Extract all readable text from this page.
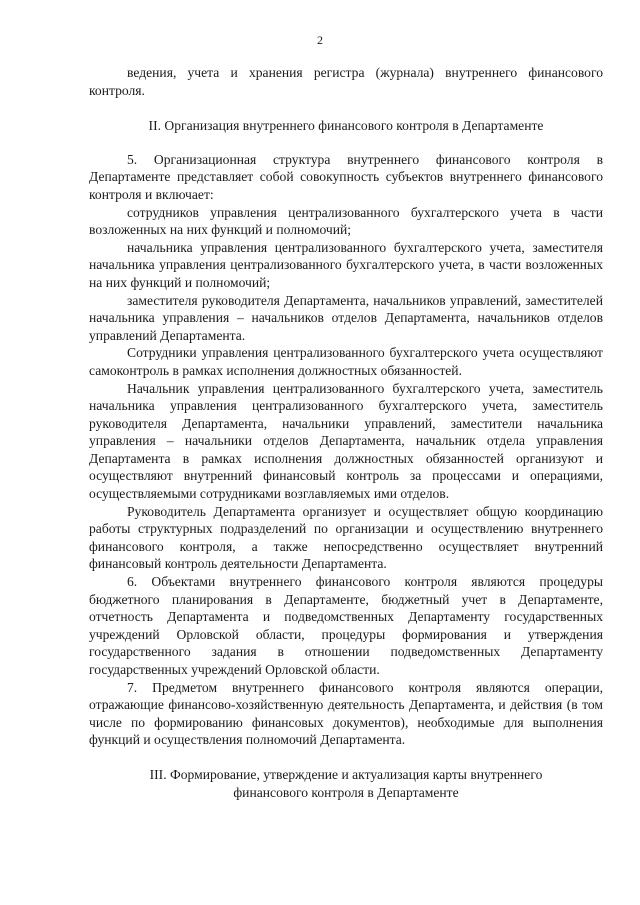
2

ведения, учета и хранения регистра (журнала) внутреннего финансового контроля.

II. Организация внутреннего финансового контроля в Департаменте

5. Организационная структура внутреннего финансового контроля в Департаменте представляет собой совокупность субъектов внутреннего финансового контроля и включает:

сотрудников управления централизованного бухгалтерского учета в части возложенных на них функций и полномочий;

начальника управления централизованного бухгалтерского учета, заместителя начальника управления централизованного бухгалтерского учета, в части возложенных на них функций и полномочий;

заместителя руководителя Департамента, начальников управлений, заместителей начальника управления – начальников отделов Департамента, начальников отделов управлений Департамента.

Сотрудники управления централизованного бухгалтерского учета осуществляют самоконтроль в рамках исполнения должностных обязанностей.

Начальник управления централизованного бухгалтерского учета, заместитель начальника управления централизованного бухгалтерского учета, заместитель руководителя Департамента, начальники управлений, заместители начальника управления – начальники отделов Департамента, начальник отдела управления Департамента в рамках исполнения должностных обязанностей организуют и осуществляют внутренний финансовый контроль за процессами и операциями, осуществляемыми сотрудниками возглавляемых ими отделов.

Руководитель Департамента организует и осуществляет общую координацию работы структурных подразделений по организации и осуществлению внутреннего финансового контроля, а также непосредственно осуществляет внутренний финансовый контроль деятельности Департамента.

6. Объектами внутреннего финансового контроля являются процедуры бюджетного планирования в Департаменте, бюджетный учет в Департаменте, отчетность Департамента и подведомственных Департаменту государственных учреждений Орловской области, процедуры формирования и утверждения государственного задания в отношении подведомственных Департаменту государственных учреждений Орловской области.

7. Предметом внутреннего финансового контроля являются операции, отражающие финансово-хозяйственную деятельность Департамента, и действия (в том числе по формированию финансовых документов), необходимые для выполнения функций и осуществления полномочий Департамента.

III. Формирование, утверждение и актуализация карты внутреннего
финансового контроля в Департаменте
